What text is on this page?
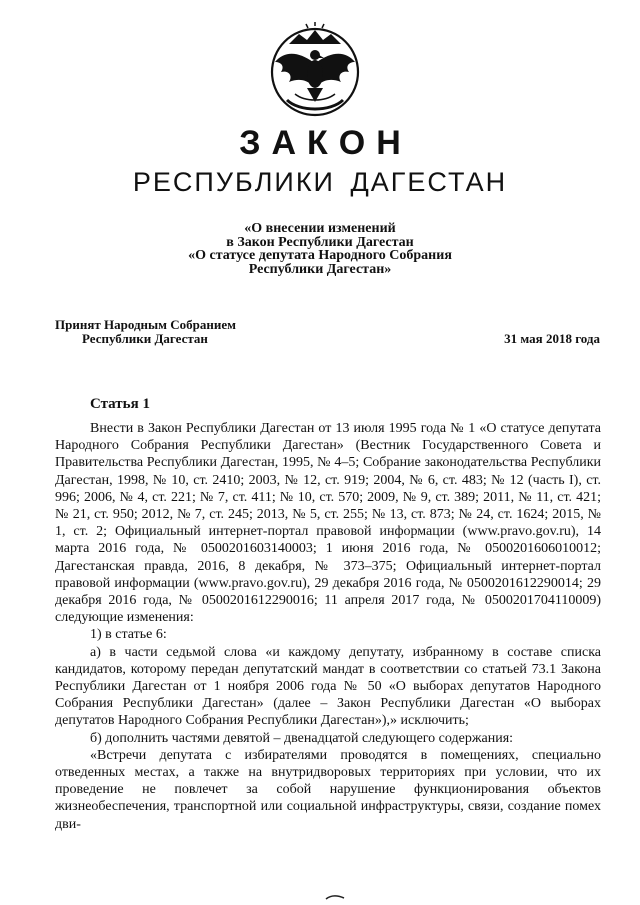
ЗАКОН
РЕСПУБЛИКИ ДАГЕСТАН
«О внесении изменений
в Закон Республики Дагестан
«О статусе депутата Народного Собрания
Республики Дагестан»
Принят Народным Собранием
Республики Дагестан	31 мая 2018 года
Статья 1

Внести в Закон Республики Дагестан от 13 июля 1995 года № 1 «О статусе депутата Народного Собрания Республики Дагестан» (Вестник Государственного Совета и Правительства Республики Дагестан, 1995, № 4–5; Собрание законодательства Республики Дагестан, 1998, № 10, ст. 2410; 2003, № 12, ст. 919; 2004, № 6, ст. 483; № 12 (часть I), ст. 996; 2006, № 4, ст. 221; № 7, ст. 411; № 10, ст. 570; 2009, № 9, ст. 389; 2011, № 11, ст. 421; № 21, ст. 950; 2012, № 7, ст. 245; 2013, № 5, ст. 255; № 13, ст. 873; № 24, ст. 1624; 2015, № 1, ст. 2; Официальный интернет-портал правовой информации (www.pravo.gov.ru), 14 марта 2016 года, № 0500201603140003; 1 июня 2016 года, № 0500201606010012; Дагестанская правда, 2016, 8 декабря, № 373–375; Официальный интернет-портал правовой информации (www.pravo.gov.ru), 29 декабря 2016 года, № 0500201612290014; 29 декабря 2016 года, № 0500201612290016; 11 апреля 2017 года, № 0500201704110009) следующие изменения:

1) в статье 6:

а) в части седьмой слова «и каждому депутату, избранному в составе списка кандидатов, которому передан депутатский мандат в соответствии со статьей 73.1 Закона Республики Дагестан от 1 ноября 2006 года № 50 «О выборах депутатов Народного Собрания Республики Дагестан» (далее – Закон Республики Дагестан «О выборах депутатов Народного Собрания Республики Дагестан»),» исключить;

б) дополнить частями девятой – двенадцатой следующего содержания:

«Встречи депутата с избирателями проводятся в помещениях, специально отведенных местах, а также на внутридворовых территориях при условии, что их проведение не повлечет за собой нарушение функционирования объектов жизнеобеспечения, транспортной или социальной инфраструктуры, связи, создание помех дви-
